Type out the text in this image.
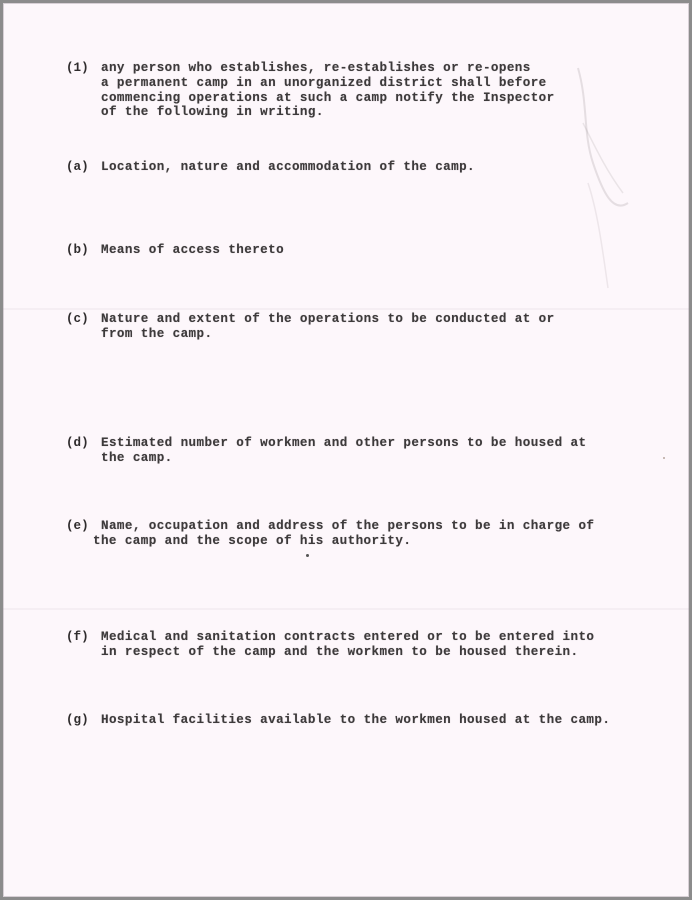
(1) any person who establishes, re-establishes or re-opens
a permanent camp in an unorganized district shall before
commencing operations at such a camp notify the Inspector
of the following in writing.
(a) Location, nature and accommodation of the camp.
(b) Means of access thereto
(c) Nature and extent of the operations to be conducted at or
from the camp.
(d) Estimated number of workmen and other persons to be housed at
the camp.
(e) Name, occupation and address of the persons to be in charge of
the camp and the scope of his authority.
(f) Medical and sanitation contracts entered or to be entered into
in respect of the camp and the workmen to be housed therein.
(g) Hospital facilities available to the workmen housed at the camp.
